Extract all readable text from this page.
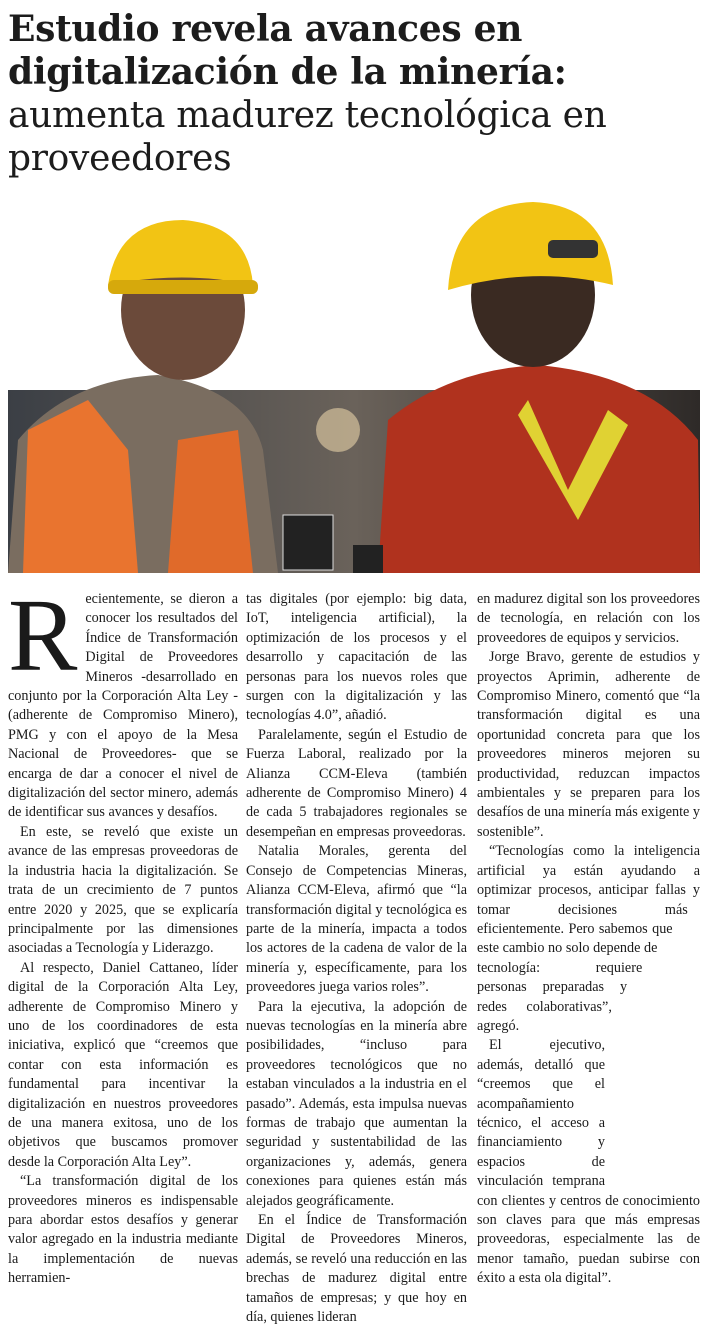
Estudio revela avances en digitalización de la minería:
aumenta madurez tecnológica en proveedores

Recientemente, se dieron a conocer los resultados del Índice de Transformación Digital de Proveedores Mineros -desarrollado en conjunto por la Corporación Alta Ley -(adherente de Compromiso Minero), PMG y con el apoyo de la Mesa Nacional de Proveedores- que se encarga de dar a conocer el nivel de digitalización del sector minero, además de identificar sus avances y desafíos.

En este, se reveló que existe un avance de las empresas proveedoras de la industria hacia la digitalización. Se trata de un crecimiento de 7 puntos entre 2020 y 2025, que se explicaría principalmente por las dimensiones asociadas a Tecnología y Liderazgo.

Al respecto, Daniel Cattaneo, líder digital de la Corporación Alta Ley, adherente de Compromiso Minero y uno de los coordinadores de esta iniciativa, explicó que “creemos que contar con esta información es fundamental para incentivar la digitalización en nuestros proveedores de una manera exitosa, uno de los objetivos que buscamos promover desde la Corporación Alta Ley”.

“La transformación digital de los proveedores mineros es indispensable para abordar estos desafíos y generar valor agregado en la industria mediante la implementación de nuevas herramien-

tas digitales (por ejemplo: big data, IoT, inteligencia artificial), la optimización de los procesos y el desarrollo y capacitación de las personas para los nuevos roles que surgen con la digitalización y las tecnologías 4.0”, añadió.

Paralelamente, según el Estudio de Fuerza Laboral, realizado por la Alianza CCM-Eleva (también adherente de Compromiso Minero) 4 de cada 5 trabajadores regionales se desempeñan en empresas proveedoras.

Natalia Morales, gerenta del Consejo de Competencias Mineras, Alianza CCM-Eleva, afirmó que “la transformación digital y tecnológica es parte de la minería, impacta a todos los actores de la cadena de valor de la minería y, específicamente, para los proveedores juega varios roles”.

Para la ejecutiva, la adopción de nuevas tecnologías en la minería abre posibilidades, “incluso para proveedores tecnológicos que no estaban vinculados a la industria en el pasado”. Además, esta impulsa nuevas formas de trabajo que aumentan la seguridad y sustentabilidad de las organizaciones y, además, genera conexiones para quienes están más alejados geográficamente.

En el Índice de Transformación Digital de Proveedores Mineros, además, se reveló una reducción en las brechas de madurez digital entre tamaños de empresas; y que hoy en día, quienes lideran

en madurez digital son los proveedores de tecnología, en relación con los proveedores de equipos y servicios.

Jorge Bravo, gerente de estudios y proyectos Aprimin, adherente de Compromiso Minero, comentó que “la transformación digital es una oportunidad concreta para que los proveedores mineros mejoren su productividad, reduzcan impactos ambientales y se preparen para los desafíos de una minería más exigente y sostenible”.

“Tecnologías como la inteligencia artificial ya están ayudando a optimizar procesos, anticipar fallas y tomar decisiones más eficientemente. Pero sabemos que este cambio no solo depende de tecnología: requiere personas preparadas y redes colaborativas”, agregó.

El ejecutivo, además, detalló que “creemos que el acompañamiento técnico, el acceso a financiamiento y espacios de vinculación temprana con clientes y centros de conocimiento son claves para que más empresas proveedoras, especialmente las de menor tamaño, puedan subirse con éxito a esta ola digital”.
